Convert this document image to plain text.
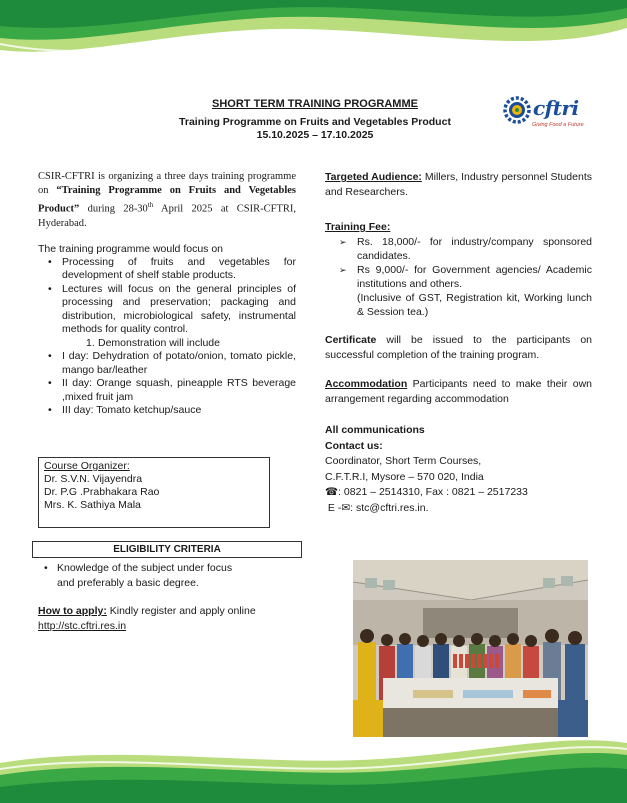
SHORT TERM TRAINING PROGRAMME
Training Programme on Fruits and Vegetables Product
15.10.2025 – 17.10.2025
cftri
Giving Food a Future
CSIR-CFTRI is organizing a three days training programme on “Training Programme on Fruits and Vegetables Product” during 28-30th April 2025 at CSIR-CFTRI, Hyderabad.
The training programme would focus on
• Processing of fruits and vegetables for development of shelf stable products.
• Lectures will focus on the general principles of processing and preservation; packaging and distribution, microbiological safety, instrumental methods for quality control.
1. Demonstration will include
• I day: Dehydration of potato/onion, tomato pickle, mango bar/leather
• II day: Orange squash, pineapple RTS beverage ,mixed fruit jam
• III day: Tomato ketchup/sauce
Course Organizer:
Dr. S.V.N. Vijayendra
Dr. P.G .Prabhakara Rao
Mrs. K. Sathiya Mala
ELIGIBILITY CRITERIA
• Knowledge of the subject under focus
and preferably a basic degree.
How to apply: Kindly register and apply online
http://stc.cftri.res.in
Targeted Audience: Millers, Industry personnel Students and Researchers.
Training Fee:
➢ Rs. 18,000/- for industry/company sponsored candidates.
➢ Rs 9,000/- for Government agencies/ Academic institutions and others.
(Inclusive of GST, Registration kit, Working lunch & Session tea.)
Certificate will be issued to the participants on successful completion of the training program.
Accommodation Participants need to make their own arrangement regarding accommodation
All communications
Contact us:
Coordinator, Short Term Courses,
C.F.T.R.I, Mysore – 570 020, India
☎: 0821 – 2514310, Fax : 0821 – 2517233
E -✉: stc@cftri.res.in.
